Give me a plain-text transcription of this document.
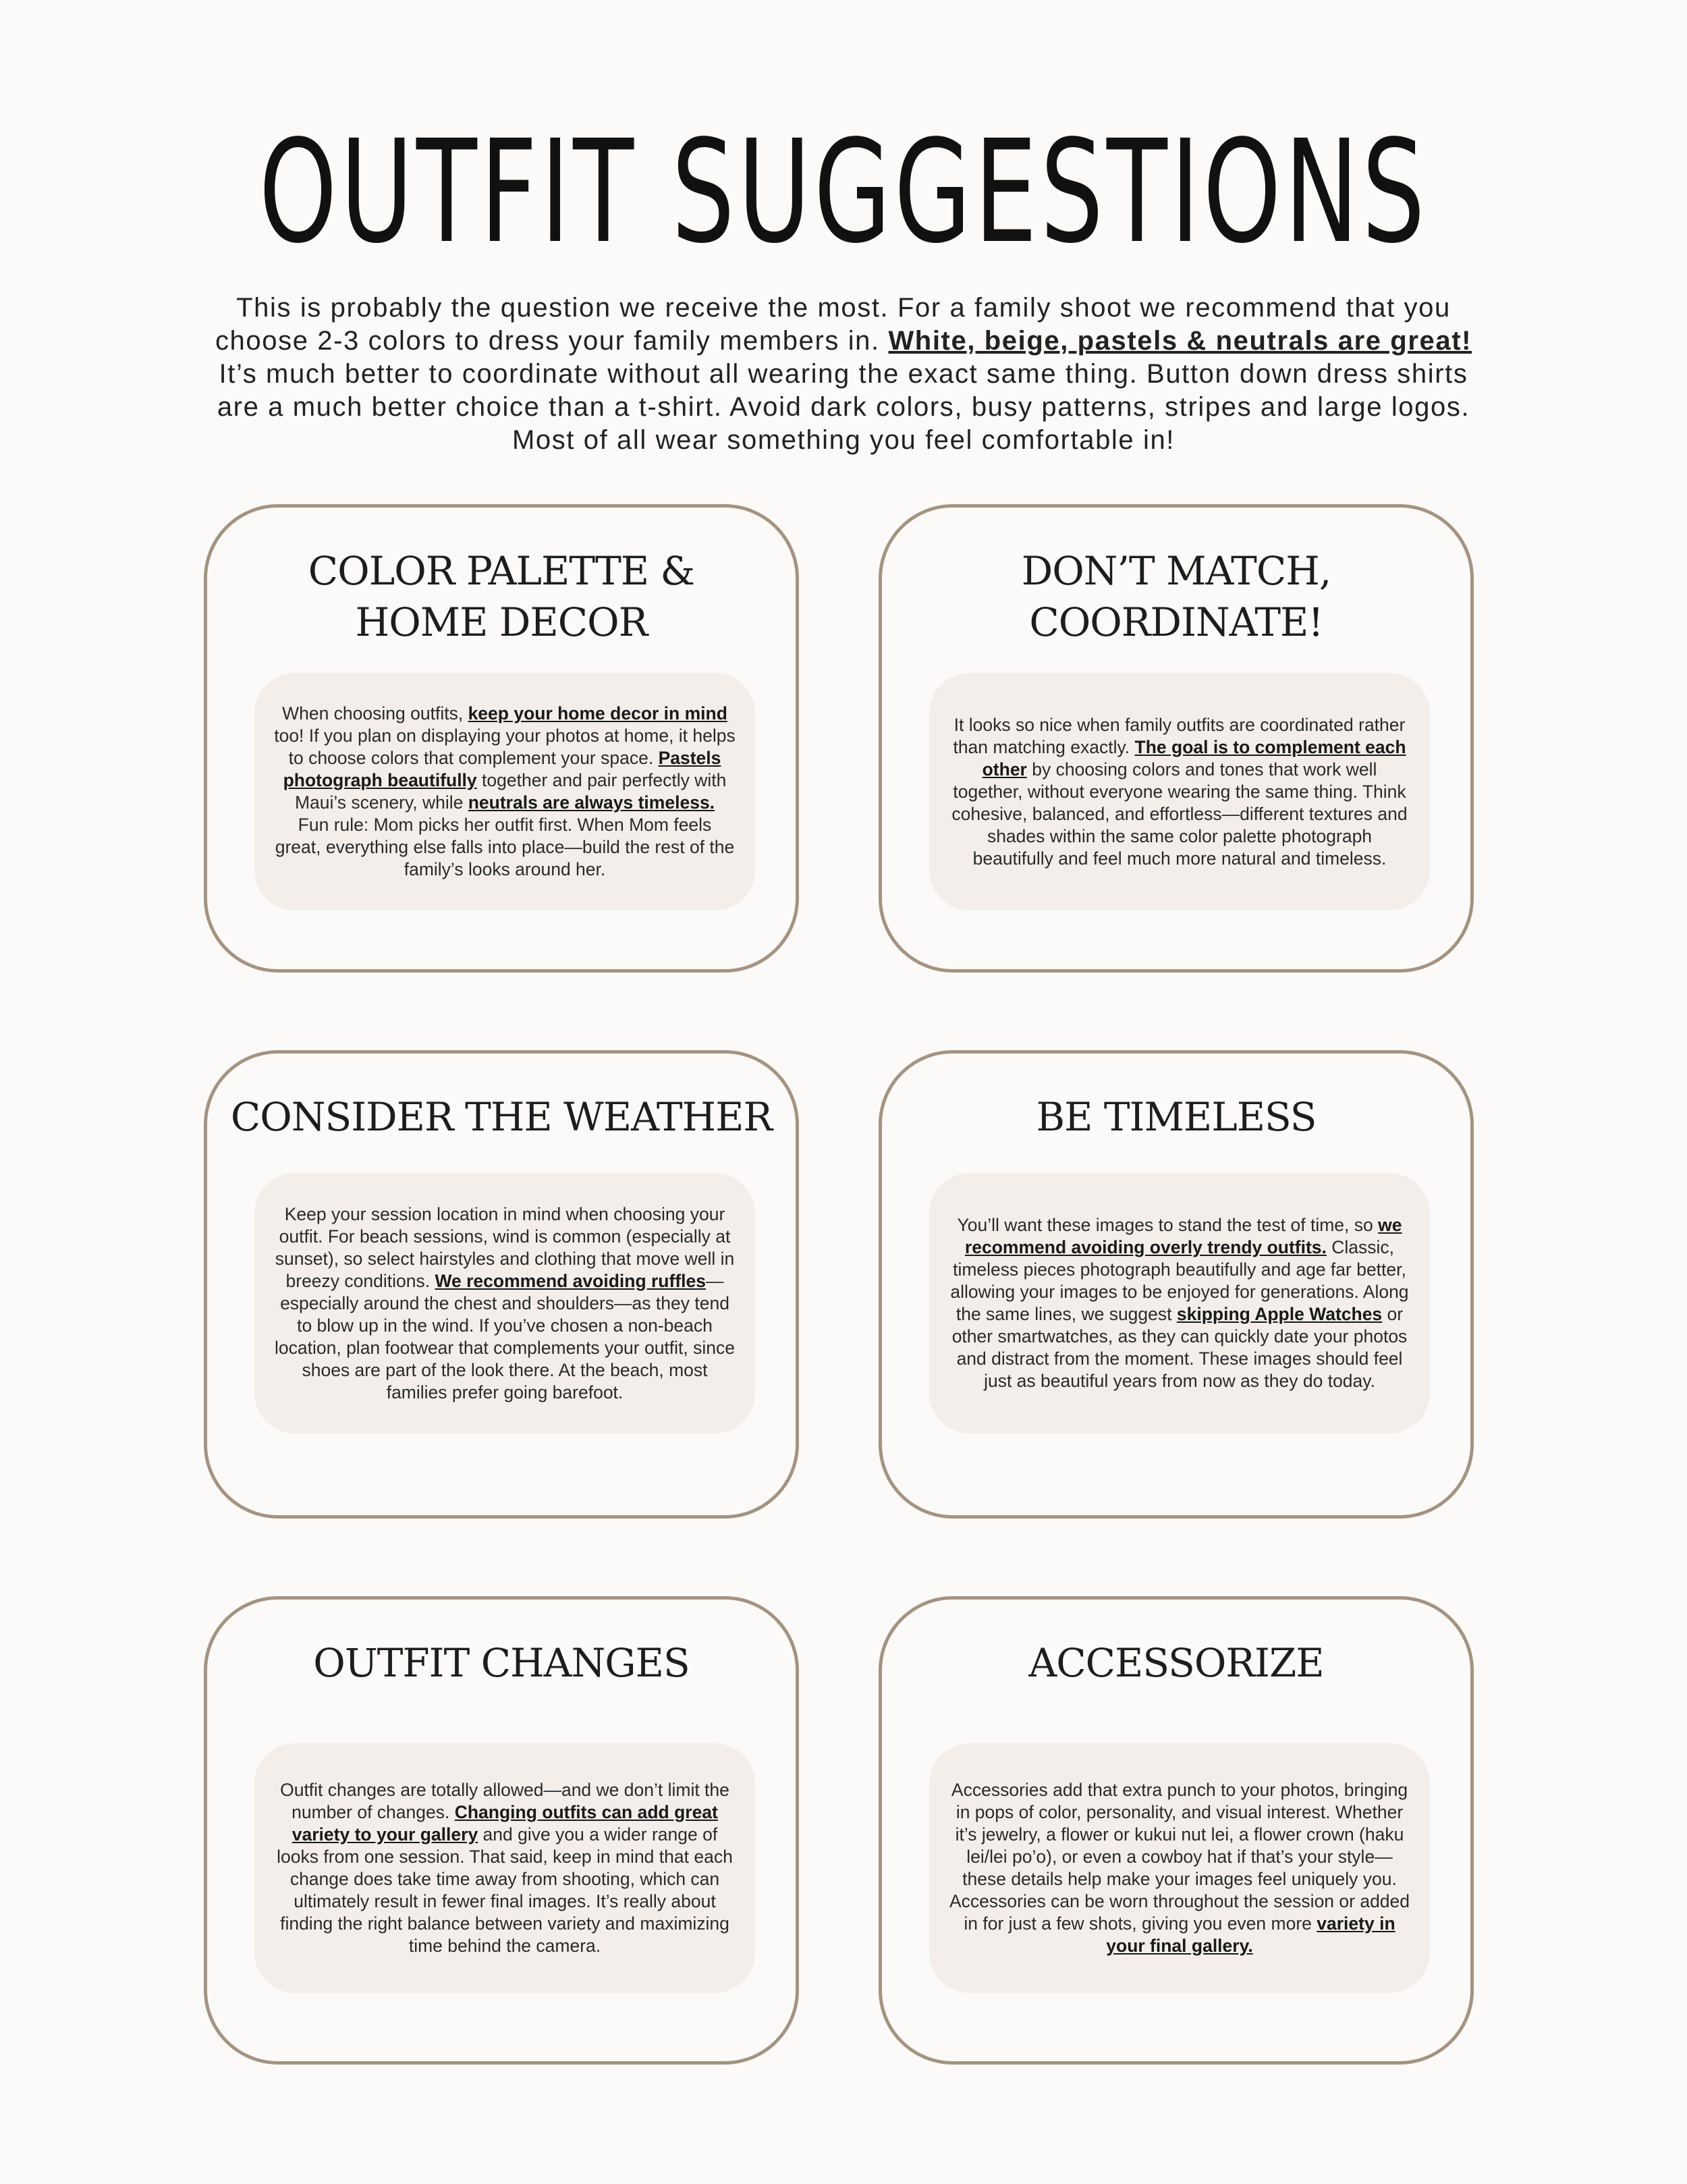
OUTFIT SUGGESTIONS

This is probably the question we receive the most. For a family shoot we recommend that you choose 2-3 colors to dress your family members in. White, beige, pastels & neutrals are great! It’s much better to coordinate without all wearing the exact same thing. Button down dress shirts are a much better choice than a t-shirt. Avoid dark colors, busy patterns, stripes and large logos. Most of all wear something you feel comfortable in!

COLOR PALETTE &
HOME DECOR

When choosing outfits, keep your home decor in mind too! If you plan on displaying your photos at home, it helps to choose colors that complement your space. Pastels photograph beautifully together and pair perfectly with Maui’s scenery, while neutrals are always timeless.
Fun rule: Mom picks her outfit first. When Mom feels great, everything else falls into place—build the rest of the family’s looks around her.

DON’T MATCH,
COORDINATE!

It looks so nice when family outfits are coordinated rather than matching exactly. The goal is to complement each other by choosing colors and tones that work well together, without everyone wearing the same thing. Think cohesive, balanced, and effortless—different textures and shades within the same color palette photograph beautifully and feel much more natural and timeless.

CONSIDER THE WEATHER

Keep your session location in mind when choosing your outfit. For beach sessions, wind is common (especially at sunset), so select hairstyles and clothing that move well in breezy conditions. We recommend avoiding ruffles—especially around the chest and shoulders—as they tend to blow up in the wind. If you’ve chosen a non-beach location, plan footwear that complements your outfit, since shoes are part of the look there. At the beach, most families prefer going barefoot.

BE TIMELESS

You’ll want these images to stand the test of time, so we recommend avoiding overly trendy outfits. Classic, timeless pieces photograph beautifully and age far better, allowing your images to be enjoyed for generations. Along the same lines, we suggest skipping Apple Watches or other smartwatches, as they can quickly date your photos and distract from the moment. These images should feel just as beautiful years from now as they do today.

OUTFIT CHANGES

Outfit changes are totally allowed—and we don’t limit the number of changes. Changing outfits can add great variety to your gallery and give you a wider range of looks from one session. That said, keep in mind that each change does take time away from shooting, which can ultimately result in fewer final images. It’s really about finding the right balance between variety and maximizing time behind the camera.

ACCESSORIZE

Accessories add that extra punch to your photos, bringing in pops of color, personality, and visual interest. Whether it’s jewelry, a flower or kukui nut lei, a flower crown (haku lei/lei po’o), or even a cowboy hat if that’s your style—these details help make your images feel uniquely you. Accessories can be worn throughout the session or added in for just a few shots, giving you even more variety in your final gallery.
